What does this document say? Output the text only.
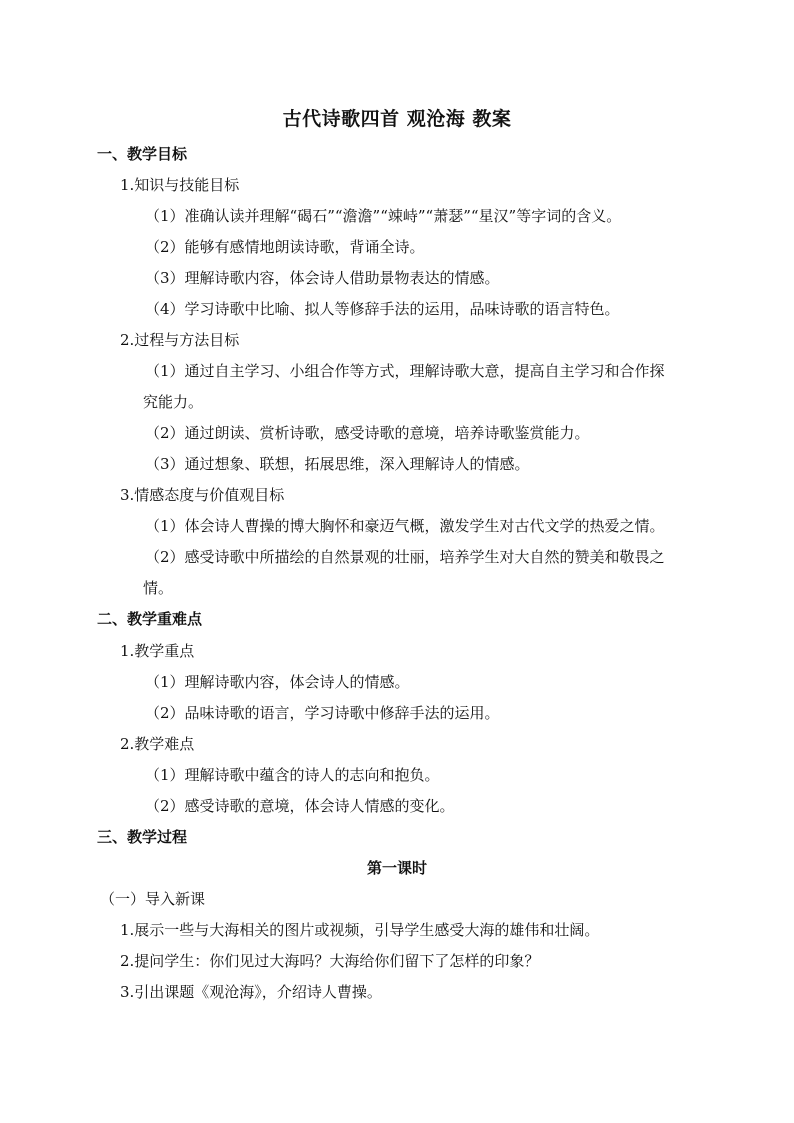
古代诗歌四首 观沧海 教案
一、教学目标
1.知识与技能目标
（1）准确认读并理解“碣石”“澹澹”“竦峙”“萧瑟”“星汉”等字词的含义。
（2）能够有感情地朗读诗歌，背诵全诗。
（3）理解诗歌内容，体会诗人借助景物表达的情感。
（4）学习诗歌中比喻、拟人等修辞手法的运用，品味诗歌的语言特色。
2.过程与方法目标
（1）通过自主学习、小组合作等方式，理解诗歌大意，提高自主学习和合作探
究能力。
（2）通过朗读、赏析诗歌，感受诗歌的意境，培养诗歌鉴赏能力。
（3）通过想象、联想，拓展思维，深入理解诗人的情感。
3.情感态度与价值观目标
（1）体会诗人曹操的博大胸怀和豪迈气概，激发学生对古代文学的热爱之情。
（2）感受诗歌中所描绘的自然景观的壮丽，培养学生对大自然的赞美和敬畏之
情。
二、教学重难点
1.教学重点
（1）理解诗歌内容，体会诗人的情感。
（2）品味诗歌的语言，学习诗歌中修辞手法的运用。
2.教学难点
（1）理解诗歌中蕴含的诗人的志向和抱负。
（2）感受诗歌的意境，体会诗人情感的变化。
三、教学过程
第一课时
（一）导入新课
1.展示一些与大海相关的图片或视频，引导学生感受大海的雄伟和壮阔。
2.提问学生：你们见过大海吗？大海给你们留下了怎样的印象？
3.引出课题《观沧海》，介绍诗人曹操。
